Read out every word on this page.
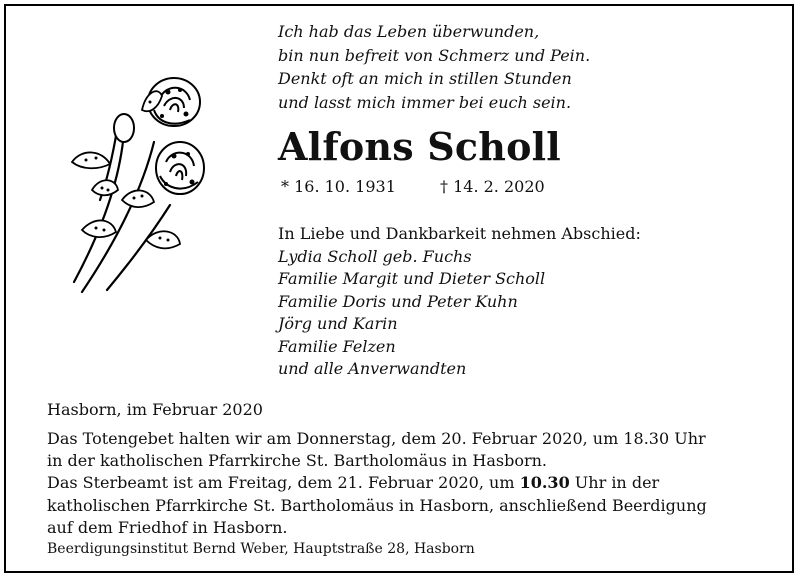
Ich hab das Leben überwunden,
bin nun befreit von Schmerz und Pein.
Denkt oft an mich in stillen Stunden
und lasst mich immer bei euch sein.
Alfons Scholl
* 16. 10. 1931	† 14. 2. 2020
In Liebe und Dankbarkeit nehmen Abschied:
Lydia Scholl geb. Fuchs
Familie Margit und Dieter Scholl
Familie Doris und Peter Kuhn
Jörg und Karin
Familie Felzen
und alle Anverwandten
Hasborn, im Februar 2020
Das Totengebet halten wir am Donnerstag, dem 20. Februar 2020, um 18.30 Uhr
in der katholischen Pfarrkirche St. Bartholomäus in Hasborn.
Das Sterbeamt ist am Freitag, dem 21. Februar 2020, um 10.30 Uhr in der
katholischen Pfarrkirche St. Bartholomäus in Hasborn, anschließend Beerdigung
auf dem Friedhof in Hasborn.
Beerdigungsinstitut Bernd Weber, Hauptstraße 28, Hasborn
